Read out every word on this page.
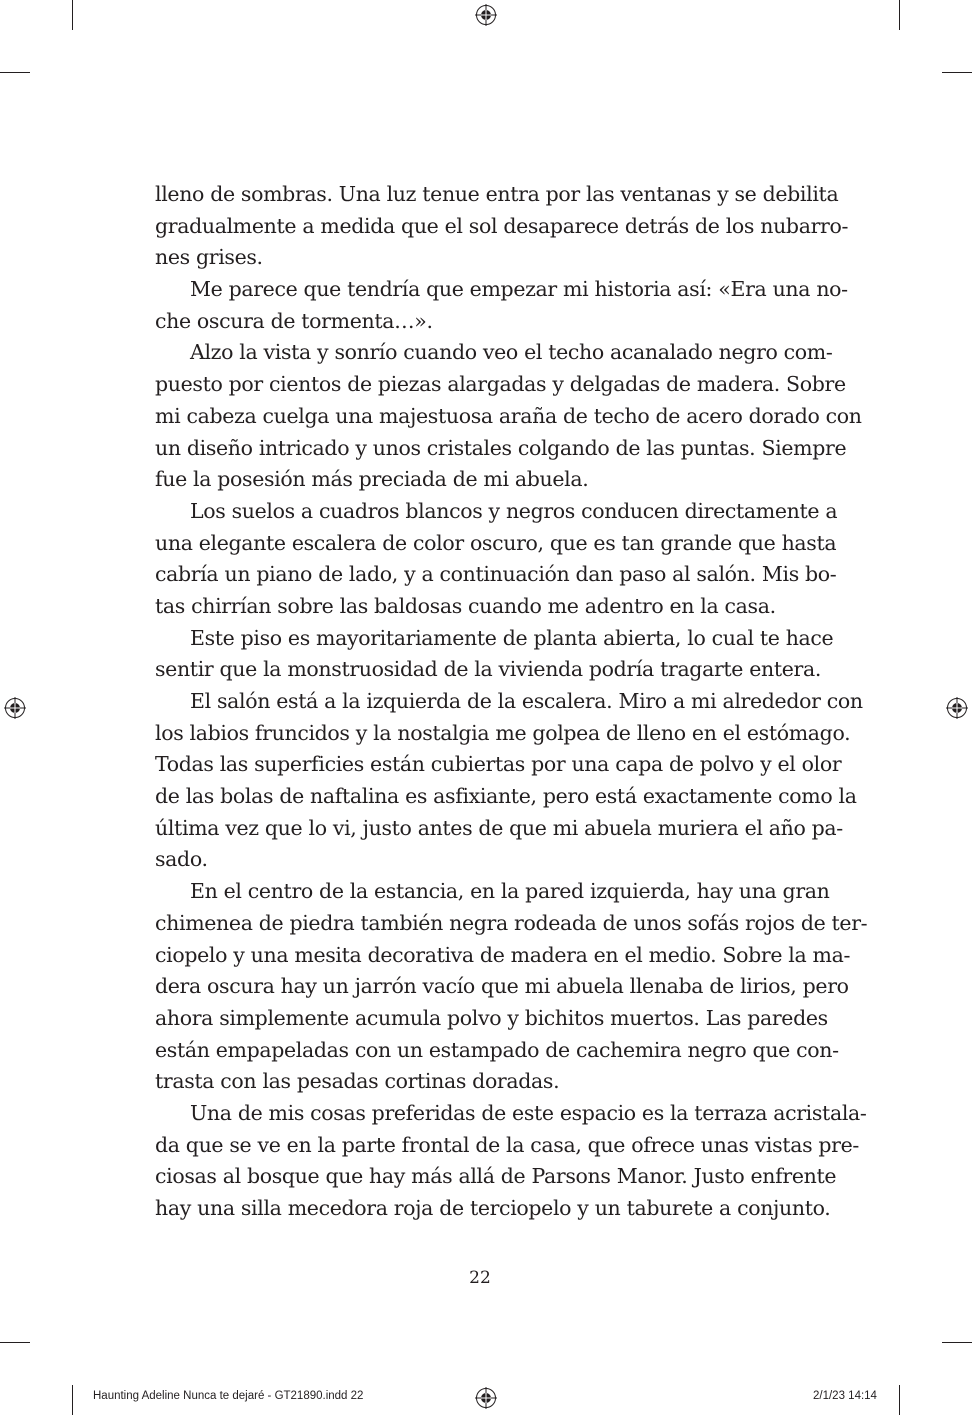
lleno de sombras. Una luz tenue entra por las ventanas y se debilita
gradualmente a medida que el sol desaparece detrás de los nubarro-
nes grises.
Me parece que tendría que empezar mi historia así: «Era una no-
che oscura de tormenta…».
Alzo la vista y sonrío cuando veo el techo acanalado negro com-
puesto por cientos de piezas alargadas y delgadas de madera. Sobre
mi cabeza cuelga una majestuosa araña de techo de acero dorado con
un diseño intricado y unos cristales colgando de las puntas. Siempre
fue la posesión más preciada de mi abuela.
Los suelos a cuadros blancos y negros conducen directamente a
una elegante escalera de color oscuro, que es tan grande que hasta
cabría un piano de lado, y a continuación dan paso al salón. Mis bo-
tas chirrían sobre las baldosas cuando me adentro en la casa.
Este piso es mayoritariamente de planta abierta, lo cual te hace
sentir que la monstruosidad de la vivienda podría tragarte entera.
El salón está a la izquierda de la escalera. Miro a mi alrededor con
los labios fruncidos y la nostalgia me golpea de lleno en el estómago.
Todas las superficies están cubiertas por una capa de polvo y el olor
de las bolas de naftalina es asfixiante, pero está exactamente como la
última vez que lo vi, justo antes de que mi abuela muriera el año pa-
sado.
En el centro de la estancia, en la pared izquierda, hay una gran
chimenea de piedra también negra rodeada de unos sofás rojos de ter-
ciopelo y una mesita decorativa de madera en el medio. Sobre la ma-
dera oscura hay un jarrón vacío que mi abuela llenaba de lirios, pero
ahora simplemente acumula polvo y bichitos muertos. Las paredes
están empapeladas con un estampado de cachemira negro que con-
trasta con las pesadas cortinas doradas.
Una de mis cosas preferidas de este espacio es la terraza acristala-
da que se ve en la parte frontal de la casa, que ofrece unas vistas pre-
ciosas al bosque que hay más allá de Parsons Manor. Justo enfrente
hay una silla mecedora roja de terciopelo y un taburete a conjunto.
22
Haunting Adeline Nunca te dejaré - GT21890.indd 22	2/1/23 14:14
